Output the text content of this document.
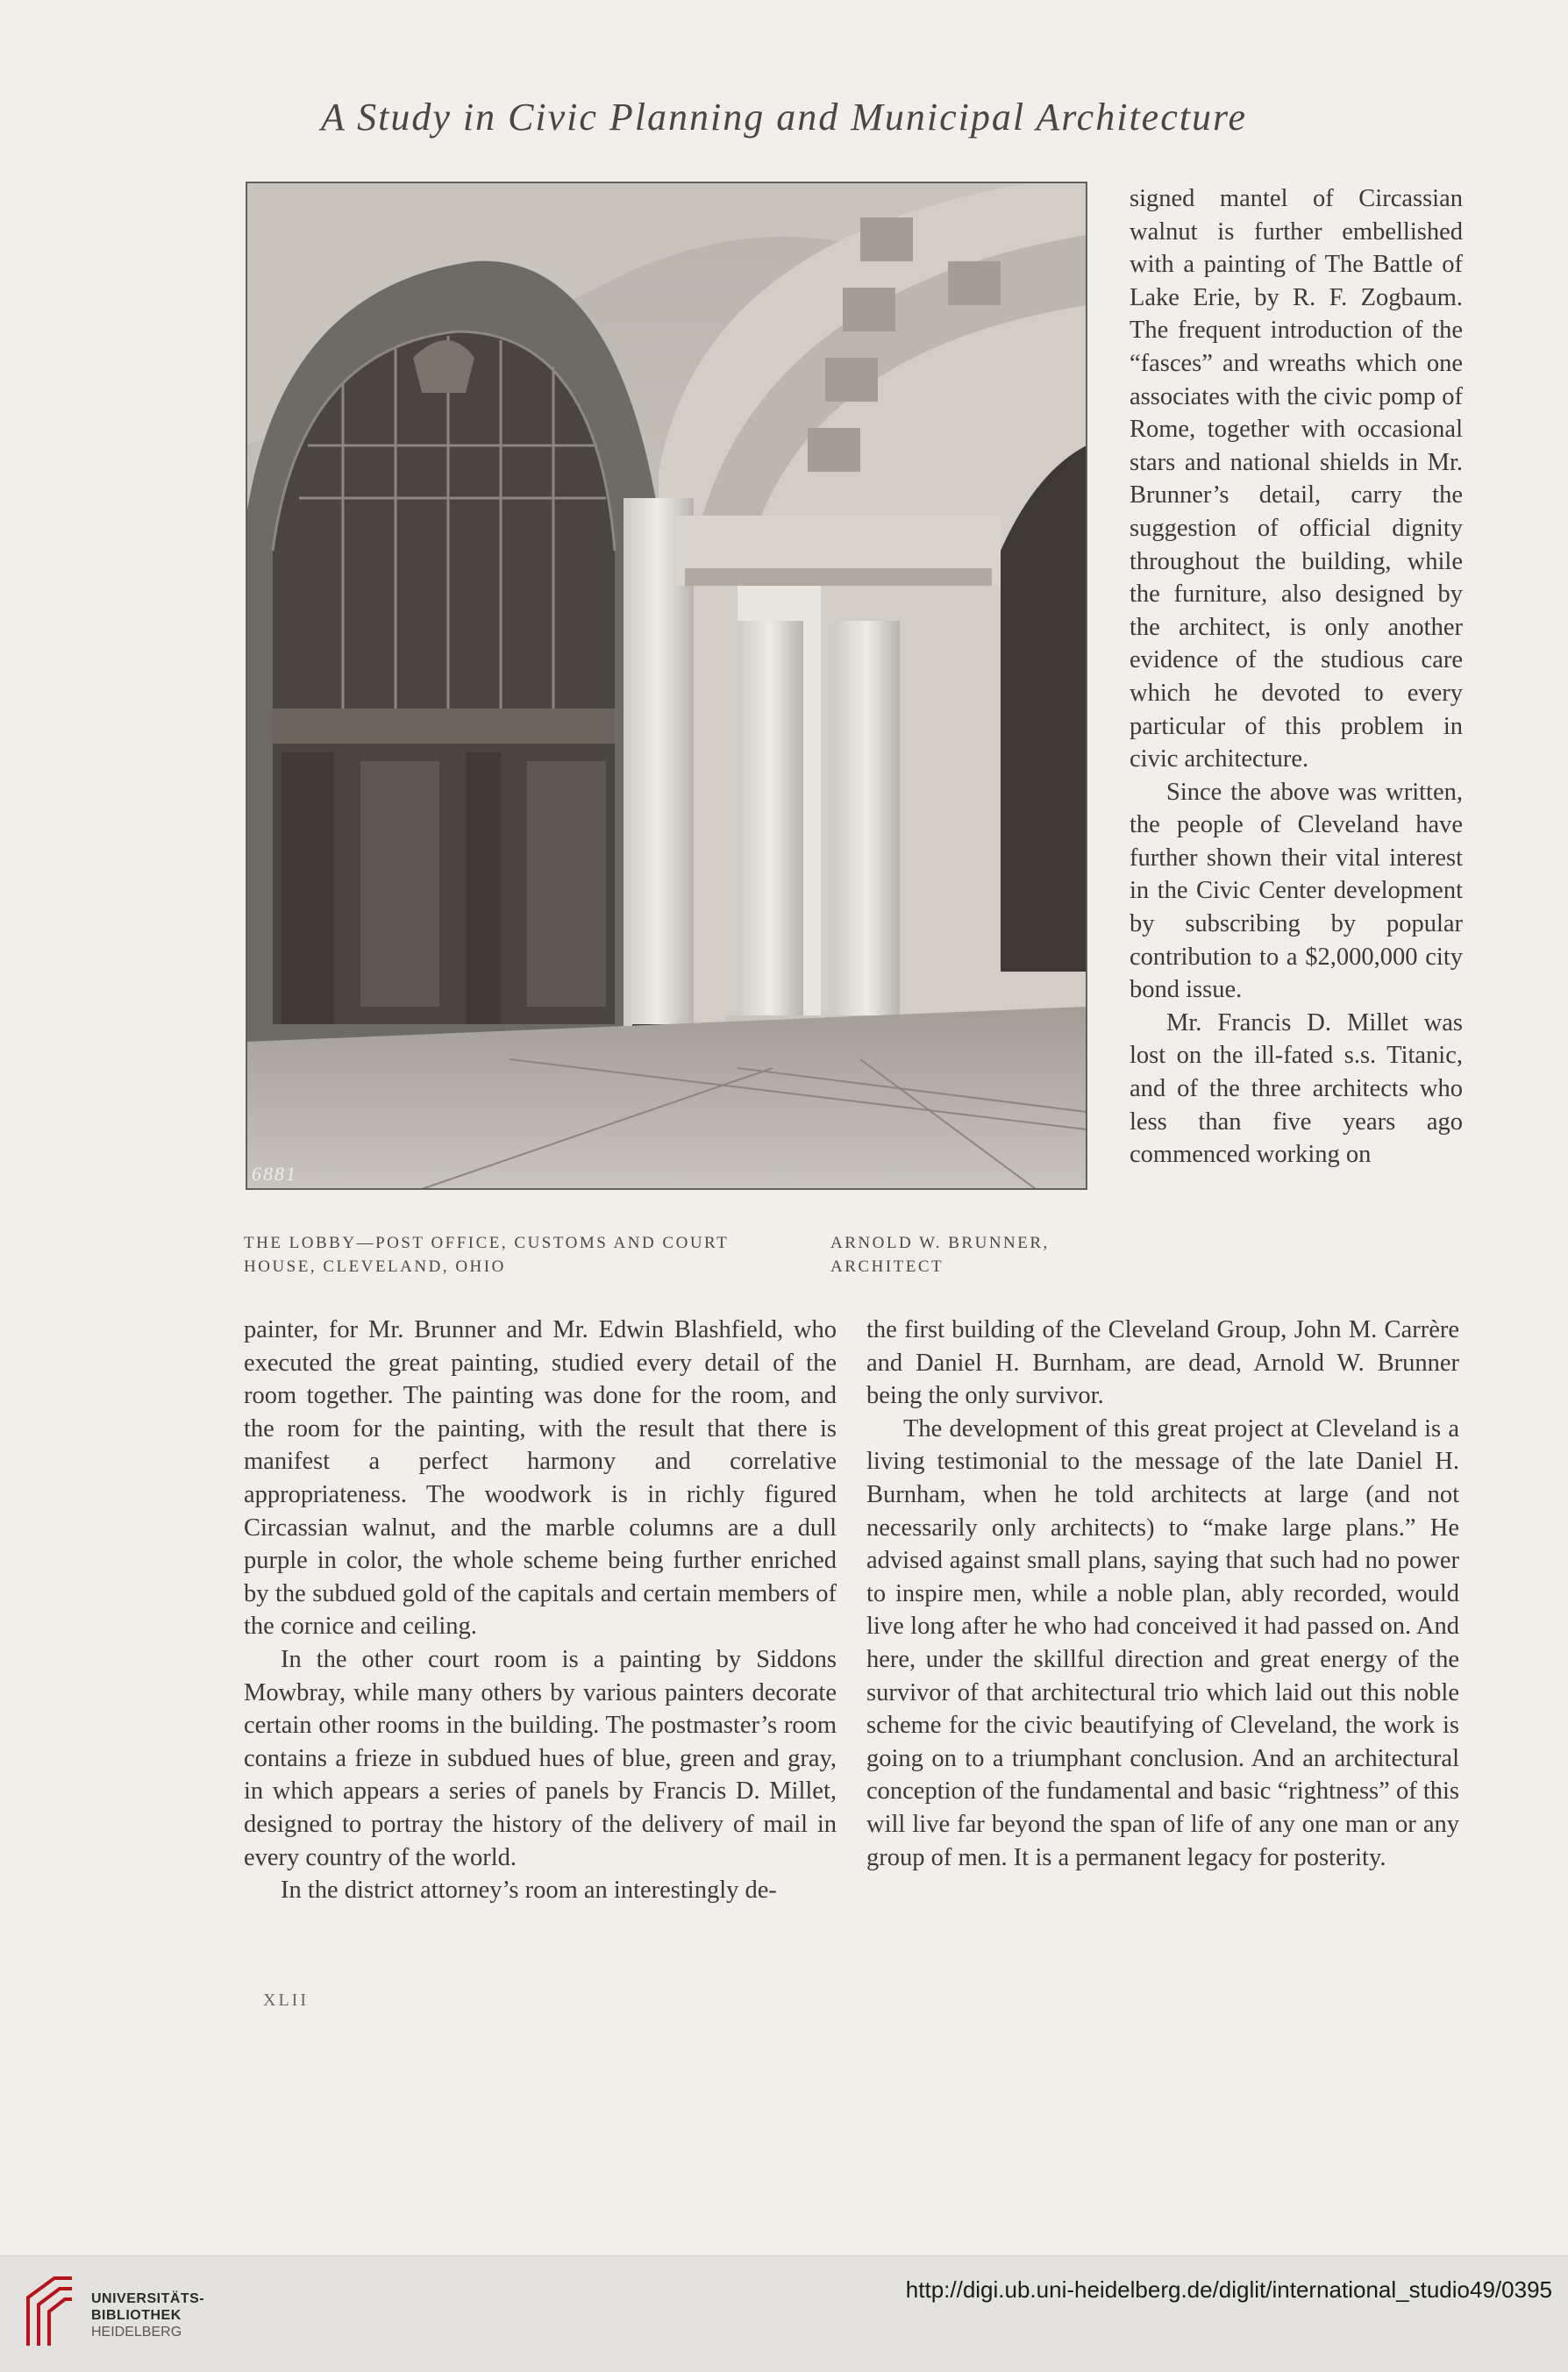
A Study in Civic Planning and Municipal Architecture
6881
THE LOBBY—POST OFFICE, CUSTOMS AND COURT HOUSE, CLEVELAND, OHIO
ARNOLD W. BRUNNER, ARCHITECT

signed mantel of Circassian walnut is further embellished with a painting of The Battle of Lake Erie, by R. F. Zogbaum. The frequent introduction of the “fasces” and wreaths which one associates with the civic pomp of Rome, together with occasional stars and national shields in Mr. Brunner’s detail, carry the suggestion of official dignity throughout the building, while the furniture, also designed by the architect, is only another evidence of the studious care which he devoted to every particular of this problem in civic architecture.

Since the above was written, the people of Cleveland have further shown their vital interest in the Civic Center development by subscribing by popular contribution to a $2,000,000 city bond issue.

Mr. Francis D. Millet was lost on the ill-fated s.s. Titanic, and of the three architects who less than five years ago commenced working on

painter, for Mr. Brunner and Mr. Edwin Blashfield, who executed the great painting, studied every detail of the room together. The painting was done for the room, and the room for the painting, with the result that there is manifest a perfect harmony and correlative appropriateness. The woodwork is in richly figured Circassian walnut, and the marble columns are a dull purple in color, the whole scheme being further enriched by the subdued gold of the capitals and certain members of the cornice and ceiling.

In the other court room is a painting by Siddons Mowbray, while many others by various painters decorate certain other rooms in the building. The postmaster’s room contains a frieze in subdued hues of blue, green and gray, in which appears a series of panels by Francis D. Millet, designed to portray the history of the delivery of mail in every country of the world.

In the district attorney’s room an interestingly de-

the first building of the Cleveland Group, John M. Carrère and Daniel H. Burnham, are dead, Arnold W. Brunner being the only survivor.

The development of this great project at Cleveland is a living testimonial to the message of the late Daniel H. Burnham, when he told architects at large (and not necessarily only architects) to “make large plans.” He advised against small plans, saying that such had no power to inspire men, while a noble plan, ably recorded, would live long after he who had conceived it had passed on. And here, under the skillful direction and great energy of the survivor of that architectural trio which laid out this noble scheme for the civic beautifying of Cleveland, the work is going on to a triumphant conclusion. And an architectural conception of the fundamental and basic “rightness” of this will live far beyond the span of life of any one man or any group of men. It is a permanent legacy for posterity.

XLII
UNIVERSITÄTS-
BIBLIOTHEK
HEIDELBERG
http://digi.ub.uni-heidelberg.de/diglit/international_studio49/0395
